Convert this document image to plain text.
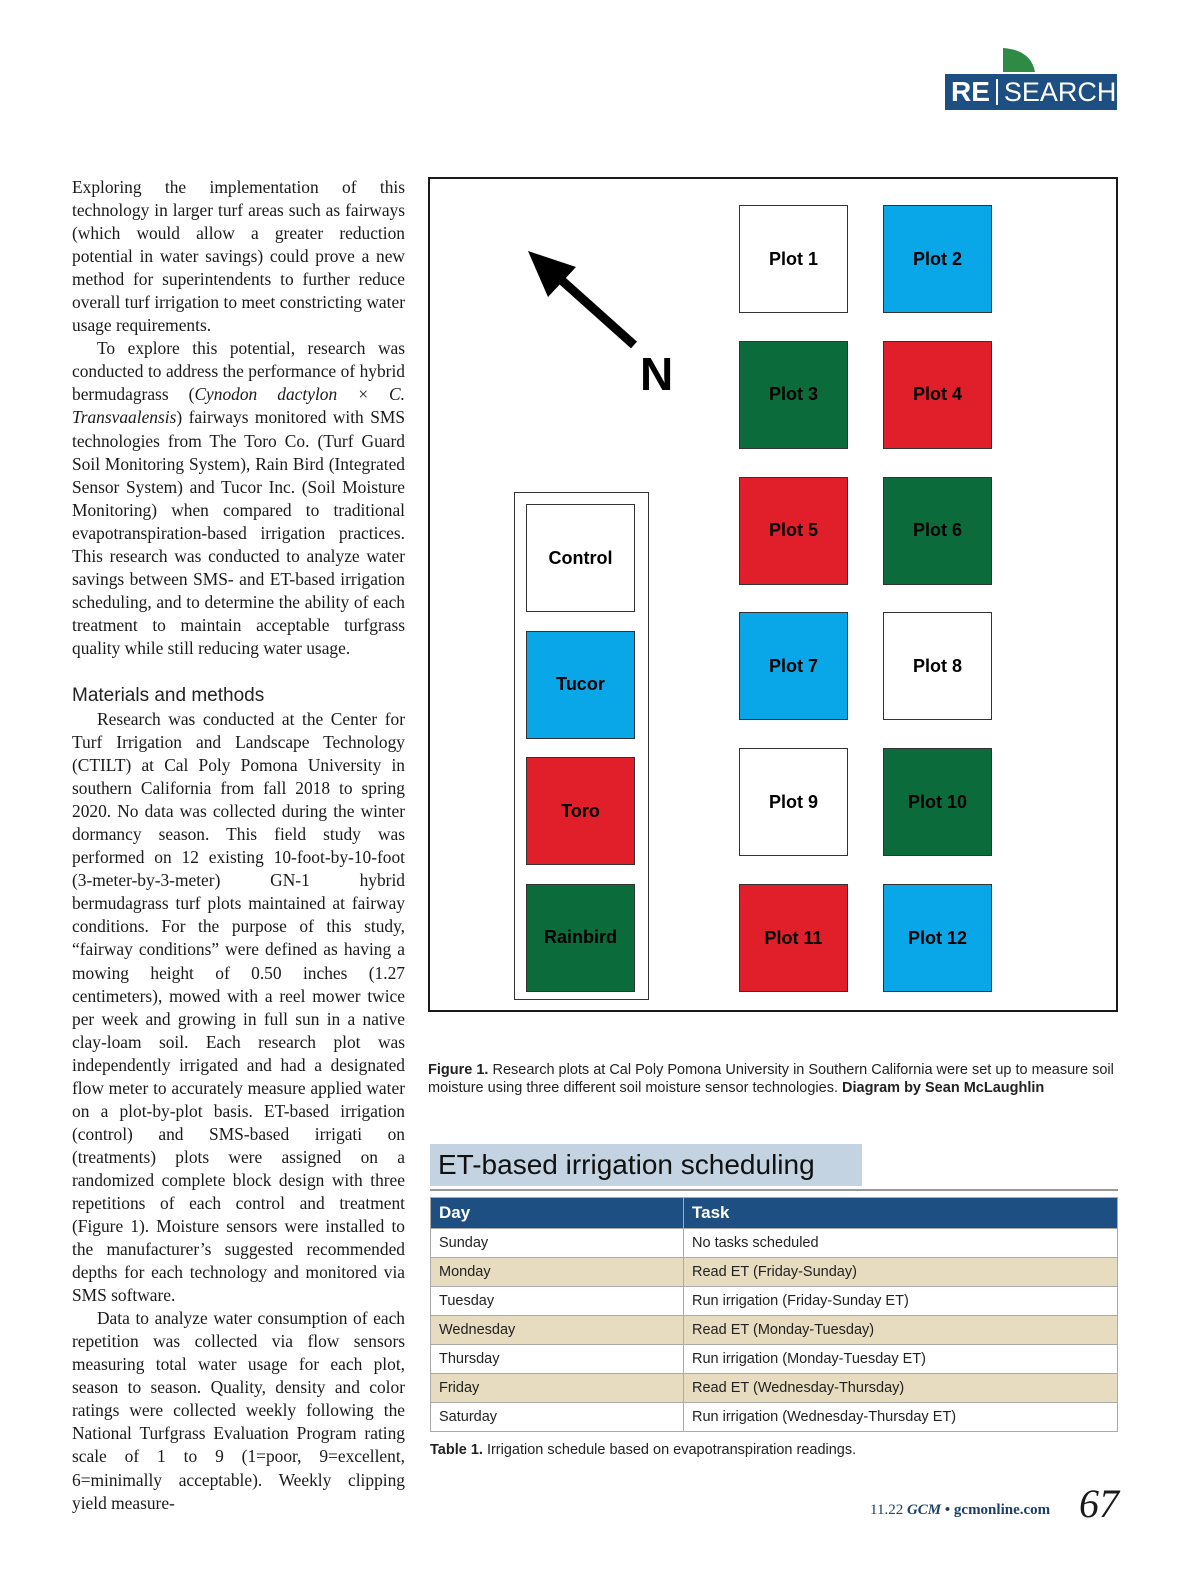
RE SEARCH

Exploring the implementation of this technology in larger turf areas such as fairways (which would allow a greater reduction potential in water savings) could prove a new method for superintendents to further reduce overall turf irrigation to meet constricting water usage requirements.

To explore this potential, research was conducted to address the performance of hybrid bermudagrass (Cynodon dactylon × C. Transvaalensis) fairways monitored with SMS technologies from The Toro Co. (Turf Guard Soil Monitoring System), Rain Bird (Integrated Sensor System) and Tucor Inc. (Soil Moisture Monitoring) when compared to traditional evapotranspiration-based irrigation practices. This research was conducted to analyze water savings between SMS- and ET-based irrigation scheduling, and to determine the ability of each treatment to maintain acceptable turfgrass quality while still reducing water usage.

Materials and methods

Research was conducted at the Center for Turf Irrigation and Landscape Technology (CTILT) at Cal Poly Pomona University in southern California from fall 2018 to spring 2020. No data was collected during the winter dormancy season. This field study was performed on 12 existing 10-foot-by-10-foot (3-meter-by-3-meter) GN-1 hybrid bermudagrass turf plots maintained at fairway conditions. For the purpose of this study, “fairway conditions” were defined as having a mowing height of 0.50 inches (1.27 centimeters), mowed with a reel mower twice per week and growing in full sun in a native clay-loam soil. Each research plot was independently irrigated and had a designated flow meter to accurately measure applied water on a plot-by-plot basis. ET-based irrigation (control) and SMS-based irrigati on (treatments) plots were assigned on a randomized complete block design with three repetitions of each control and treatment (Figure 1). Moisture sensors were installed to the manufacturer’s suggested recommended depths for each technology and monitored via SMS software.

Data to analyze water consumption of each repetition was collected via flow sensors measuring total water usage for each plot, season to season. Quality, density and color ratings were collected weekly following the National Turfgrass Evaluation Program rating scale of 1 to 9 (1=poor, 9=excellent, 6=minimally acceptable). Weekly clipping yield measure-

N
Control
Tucor
Toro
Rainbird
Plot 1	Plot 2
Plot 3	Plot 4
Plot 5	Plot 6
Plot 7	Plot 8
Plot 9	Plot 10
Plot 11	Plot 12
Figure 1. Research plots at Cal Poly Pomona University in Southern California were set up to measure soil moisture using three different soil moisture sensor technologies. Diagram by Sean McLaughlin
ET-based irrigation scheduling
Day	Task
Sunday	No tasks scheduled
Monday	Read ET (Friday-Sunday)
Tuesday	Run irrigation (Friday-Sunday ET)
Wednesday	Read ET (Monday-Tuesday)
Thursday	Run irrigation (Monday-Tuesday ET)
Friday	Read ET (Wednesday-Thursday)
Saturday	Run irrigation (Wednesday-Thursday ET)
Table 1. Irrigation schedule based on evapotranspiration readings.
11.22 GCM • gcmonline.com 67
